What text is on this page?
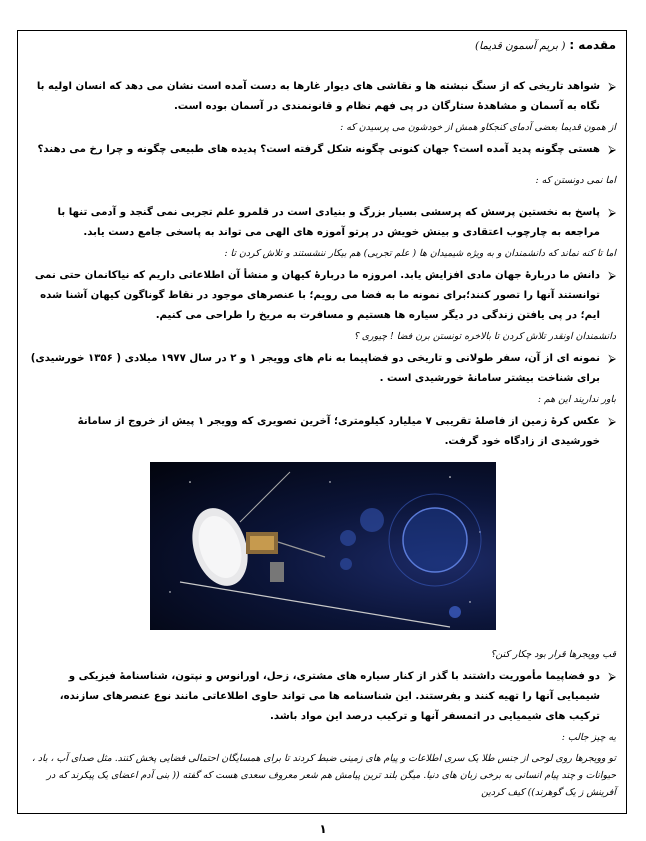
مقدمه : ( بریم آسمون قدیما)

⮚
شواهد تاریخی که از سنگ نبشته ها و نقاشی های دیوار غارها به دست آمده است نشان می دهد که انسان اولیه با نگاه به آسمان و مشاهدهٔ ستارگان در پی فهم نظام و قانونمندی در آسمان بوده است.

از همون قدیما بعضی آدمای کنجکاو همش از خودشون می پرسیدن که :

⮚
هستی چگونه پدید آمده است؟ جهان کنونی چگونه شکل گرفته است؟ پدیده های طبیعی چگونه و چرا رخ می دهند؟

اما نمی دونستن که :

⮚
پاسخ به نخستین پرسش که پرسشی بسیار بزرگ و بنیادی است در قلمرو علم تجربی نمی گنجد و آدمی تنها با مراجعه به چارچوب اعتقادی و بینش خویش در پرتو آموزه های الهی می تواند به پاسخی جامع دست یابد.

اما تا کنه نماند که دانشمندان و به ویژه شیمیدان ها ( علم تجربی) هم بیکار ننشستند و تلاش کردن تا :

⮚
دانش ما دربارهٔ جهان مادی افزایش یابد. امروزه ما دربارهٔ کیهان و منشأ آن اطلاعاتی داریم که نیاکانمان حتی نمی توانستند آنها را تصور کنند؛برای نمونه ما به فضا می رویم؛ با عنصرهای موجود در نقاط گوناگون کیهان آشنا شده ایم؛ در پی یافتن زندگی در دیگر سیاره ها هستیم و مسافرت به مریخ را طراحی می کنیم.

دانشمندان اونقدر تلاش کردن تا بالاخره تونستن برن فضا ! چیوری ؟

⮚
نمونه ای از آن، سفر طولانی و تاریخی دو فضاپیما به نام های وویجر ۱ و ۲ در سال ۱۹۷۷ میلادی ( ۱۳۵۶ خورشیدی) برای شناخت بیشتر سامانهٔ خورشیدی است .

باور نداریند این هم :

⮚
عکس کرهٔ زمین از فاصلهٔ تقریبی ۷ میلیارد کیلومتری؛ آخرین تصویری که وویجر ۱ پیش از خروج از سامانهٔ خورشیدی از زادگاه خود گرفت.

قب وویجرها قرار بود چکار کنن؟

⮚
دو فضاپیما مأموریت داشتند با گذر از کنار سیاره های مشتری، زحل، اورانوس و نپتون، شناسنامهٔ فیزیکی و شیمیایی آنها را تهیه کنند و بفرستند. این شناسنامه ها می تواند حاوی اطلاعاتی مانند نوع عنصرهای سازنده، ترکیب های شیمیایی در اتمسفر آنها و ترکیب درصد این مواد باشد.

یه چیز جالب :
تو وویجرها روی لوحی از جنس طلا یک سری اطلاعات و پیام های زمینی ضبط کردند تا برای همسایگان احتمالی فضایی پخش کنند. مثل صدای آب ، باد ، حیوانات و چند پیام انسانی به برخی زبان های دنیا. میگن بلند ترین پیامش هم شعر معروف سعدی هست که گفته (( بنی آدم اعضای یک پیکرند که در آفرینش ز یک گوهرند)) کیف کردین
۱
